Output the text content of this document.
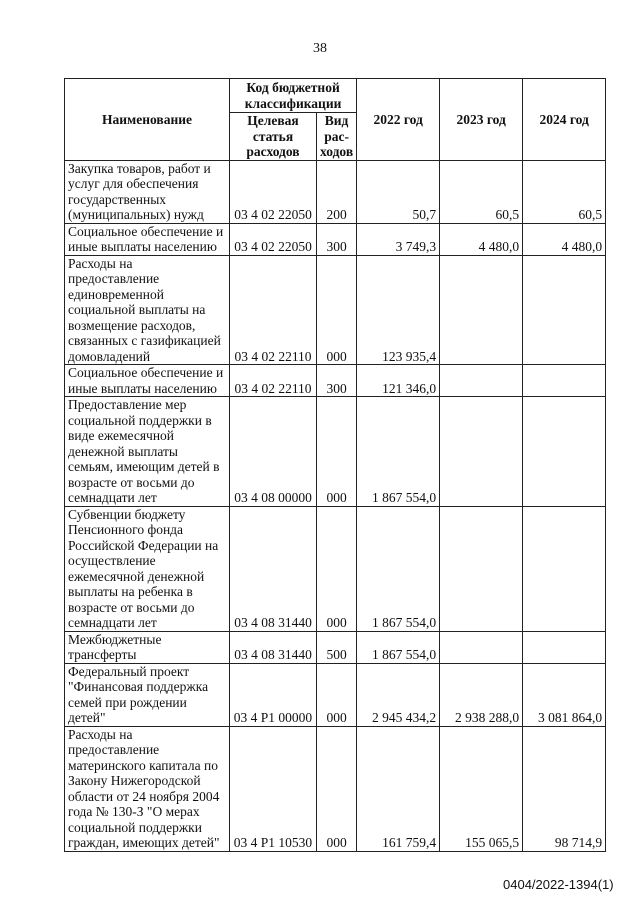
38
Наименование	Код бюджетной классификации		2022 год	2023 год	2024 год
	Целевая статья расходов	Вид рас- ходов			
Закупка товаров, работ и услуг для обеспечения государственных (муниципальных) нужд	03 4 02 22050	200	50,7	60,5	60,5
Социальное обеспечение и иные выплаты населению	03 4 02 22050	300	3 749,3	4 480,0	4 480,0
Расходы на предоставление единовременной социальной выплаты на возмещение расходов, связанных с газификацией домовладений	03 4 02 22110	000	123 935,4		
Социальное обеспечение и иные выплаты населению	03 4 02 22110	300	121 346,0		
Предоставление мер социальной поддержки в виде ежемесячной денежной выплаты семьям, имеющим детей в возрасте от восьми до семнадцати лет	03 4 08 00000	000	1 867 554,0		
Субвенции бюджету Пенсионного фонда Российской Федерации на осуществление ежемесячной денежной выплаты на ребенка в возрасте от восьми до семнадцати лет	03 4 08 31440	000	1 867 554,0		
Межбюджетные трансферты	03 4 08 31440	500	1 867 554,0		
Федеральный проект "Финансовая поддержка семей при рождении детей"	03 4 P1 00000	000	2 945 434,2	2 938 288,0	3 081 864,0
Расходы на предоставление материнского капитала по Закону Нижегородской области от 24 ноября 2004 года № 130-З "О мерах социальной поддержки граждан, имеющих детей"	03 4 P1 10530	000	161 759,4	155 065,5	98 714,9
0404/2022-1394(1)
